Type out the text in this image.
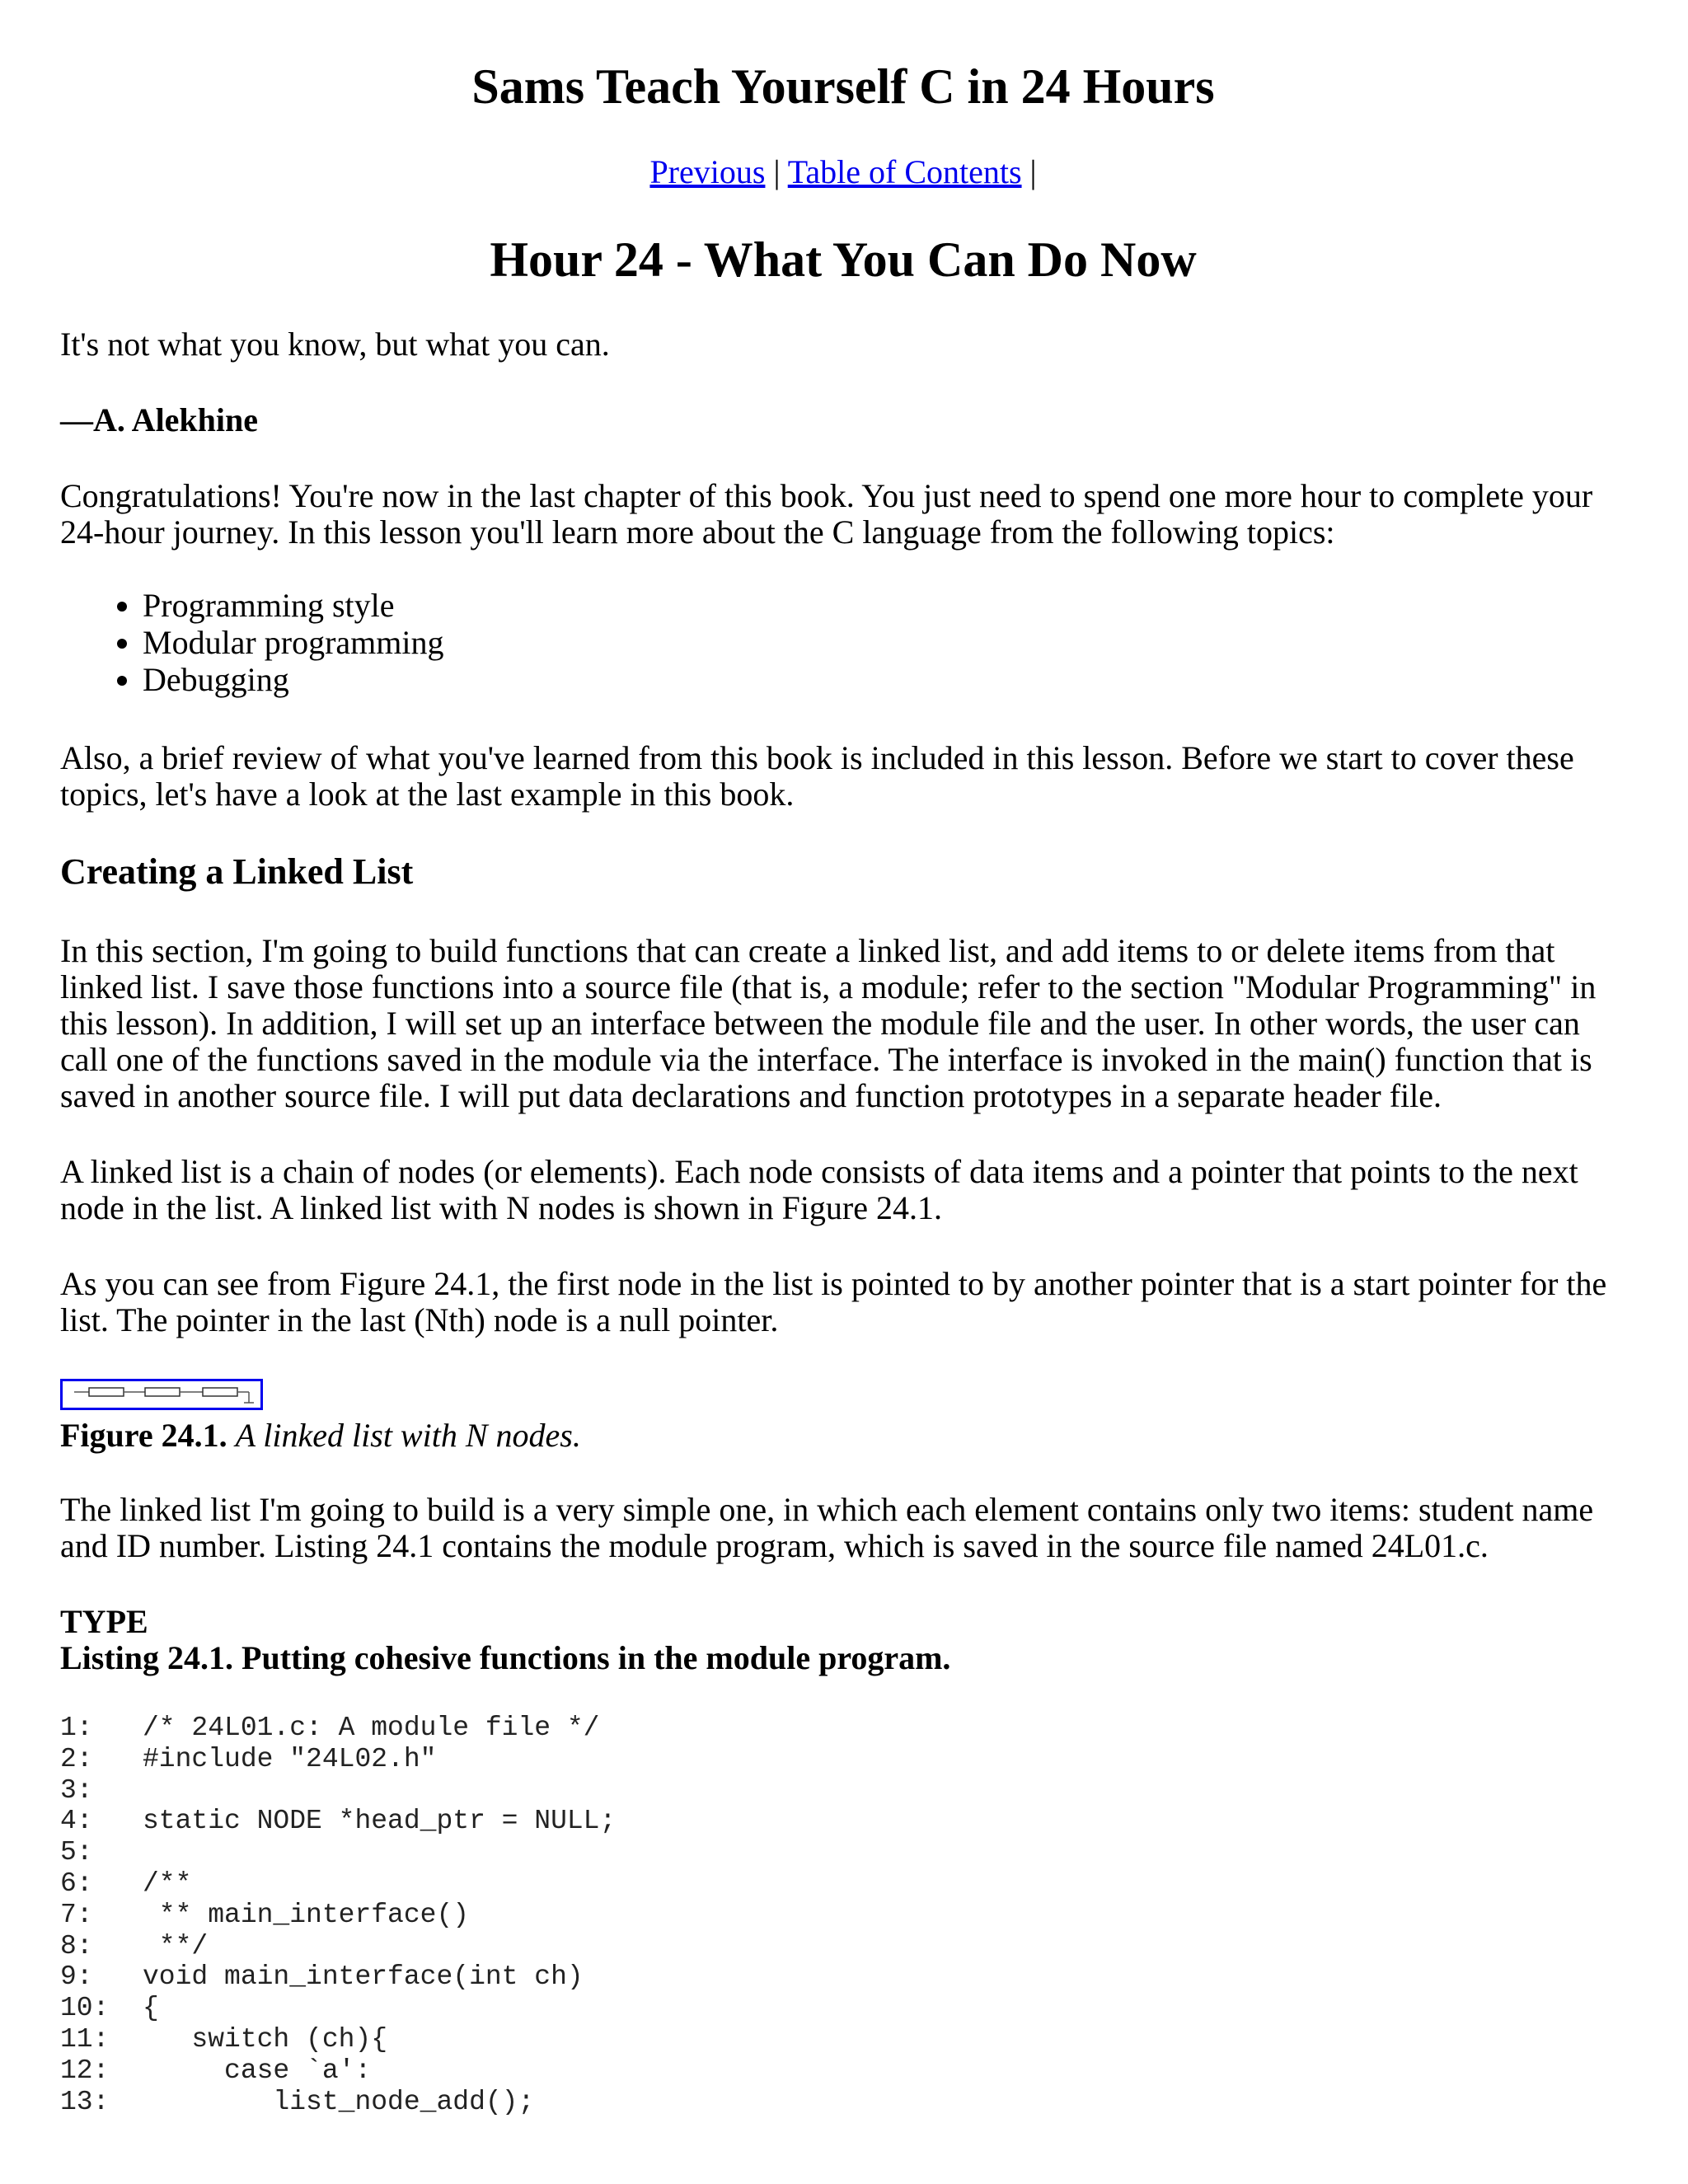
Sams Teach Yourself C in 24 Hours
Previous | Table of Contents |
Hour 24 - What You Can Do Now

It's not what you know, but what you can.

—A. Alekhine

Congratulations! You're now in the last chapter of this book. You just need to spend one more hour to complete your 24-hour journey. In this lesson you'll learn more about the C language from the following topics:

• Programming style
• Modular programming
• Debugging

Also, a brief review of what you've learned from this book is included in this lesson. Before we start to cover these topics, let's have a look at the last example in this book.

Creating a Linked List

In this section, I'm going to build functions that can create a linked list, and add items to or delete items from that linked list. I save those functions into a source file (that is, a module; refer to the section "Modular Programming" in this lesson). In addition, I will set up an interface between the module file and the user. In other words, the user can call one of the functions saved in the module via the interface. The interface is invoked in the main() function that is saved in another source file. I will put data declarations and function prototypes in a separate header file.

A linked list is a chain of nodes (or elements). Each node consists of data items and a pointer that points to the next node in the list. A linked list with N nodes is shown in Figure 24.1.

As you can see from Figure 24.1, the first node in the list is pointed to by another pointer that is a start pointer for the list. The pointer in the last (Nth) node is a null pointer.

Figure 24.1. A linked list with N nodes.

The linked list I'm going to build is a very simple one, in which each element contains only two items: student name and ID number. Listing 24.1 contains the module program, which is saved in the source file named 24L01.c.

TYPE

Listing 24.1. Putting cohesive functions in the module program.

1: /* 24L01.c: A module file */
2: #include "24L02.h"
3:
4: static NODE *head_ptr = NULL;
5:
6: /**
7: ** main_interface()
8: **/
9: void main_interface(int ch)
10: {
11:   switch (ch){
12:     case `a':
13:        list_node_add();
